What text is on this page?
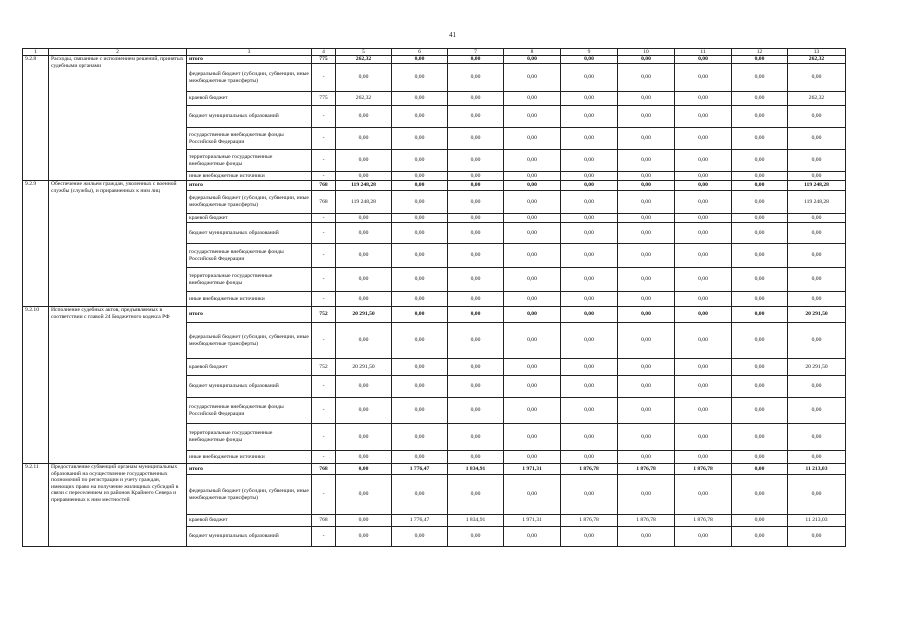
41
1	2	3	4	5	6	7	8	9	10	11	12	13
9.2.8	Расходы, связанные с исполнением решений, принятых судебными органами	итого	775	262,32	0,00	0,00	0,00	0,00	0,00	0,00	0,00	262,32
		федеральный бюджет (субсидии, субвенции, иные межбюджетные трансферты)	-	0,00	0,00	0,00	0,00	0,00	0,00	0,00	0,00	0,00
		краевой бюджет	775	262,32	0,00	0,00	0,00	0,00	0,00	0,00	0,00	262,32
		бюджет муниципальных образований	-	0,00	0,00	0,00	0,00	0,00	0,00	0,00	0,00	0,00
		государственные внебюджетные фонды Российской Федерации	-	0,00	0,00	0,00	0,00	0,00	0,00	0,00	0,00	0,00
		территориальные государственные внебюджетные фонды	-	0,00	0,00	0,00	0,00	0,00	0,00	0,00	0,00	0,00
		иные внебюджетные источники	-	0,00	0,00	0,00	0,00	0,00	0,00	0,00	0,00	0,00
9.2.9	Обеспечение жильем граждан, уволенных с военной службы (службы), и приравненных к ним лиц	итого	768	119 248,28	0,00	0,00	0,00	0,00	0,00	0,00	0,00	119 248,28
		федеральный бюджет (субсидии, субвенции, иные межбюджетные трансферты)	768	119 248,28	0,00	0,00	0,00	0,00	0,00	0,00	0,00	119 248,28
		краевой бюджет	-	0,00	0,00	0,00	0,00	0,00	0,00	0,00	0,00	0,00
		бюджет муниципальных образований	-	0,00	0,00	0,00	0,00	0,00	0,00	0,00	0,00	0,00
		государственные внебюджетные фонды Российской Федерации	-	0,00	0,00	0,00	0,00	0,00	0,00	0,00	0,00	0,00
		территориальные государственные внебюджетные фонды	-	0,00	0,00	0,00	0,00	0,00	0,00	0,00	0,00	0,00
		иные внебюджетные источники	-	0,00	0,00	0,00	0,00	0,00	0,00	0,00	0,00	0,00
9.2.10	Исполнение судебных актов, предъявляемых в соответствии с главой 24 Бюджетного кодекса РФ	итого	752	20 291,50	0,00	0,00	0,00	0,00	0,00	0,00	0,00	20 291,50
		федеральный бюджет (субсидии, субвенции, иные межбюджетные трансферты)	-	0,00	0,00	0,00	0,00	0,00	0,00	0,00	0,00	0,00
		краевой бюджет	752	20 291,50	0,00	0,00	0,00	0,00	0,00	0,00	0,00	20 291,50
		бюджет муниципальных образований	-	0,00	0,00	0,00	0,00	0,00	0,00	0,00	0,00	0,00
		государственные внебюджетные фонды Российской Федерации	-	0,00	0,00	0,00	0,00	0,00	0,00	0,00	0,00	0,00
		территориальные государственные внебюджетные фонды	-	0,00	0,00	0,00	0,00	0,00	0,00	0,00	0,00	0,00
		иные внебюджетные источники	-	0,00	0,00	0,00	0,00	0,00	0,00	0,00	0,00	0,00
9.2.11	Предоставление субвенций органам муниципальных образований на осуществление государственных полномочий по регистрации и учету граждан, имеющих право на получение жилищных субсидий в связи с переселением из районов Крайнего Севера и приравненных к ним местностей	итого	768	0,00	1 776,47	1 834,91	1 971,31	1 876,78	1 876,78	1 876,78	0,00	11 213,03
		федеральный бюджет (субсидии, субвенции, иные межбюджетные трансферты)	-	0,00	0,00	0,00	0,00	0,00	0,00	0,00	0,00	0,00
		краевой бюджет	768	0,00	1 776,47	1 834,91	1 971,31	1 876,78	1 876,78	1 876,78	0,00	11 213,03
		бюджет муниципальных образований	-	0,00	0,00	0,00	0,00	0,00	0,00	0,00	0,00	0,00
